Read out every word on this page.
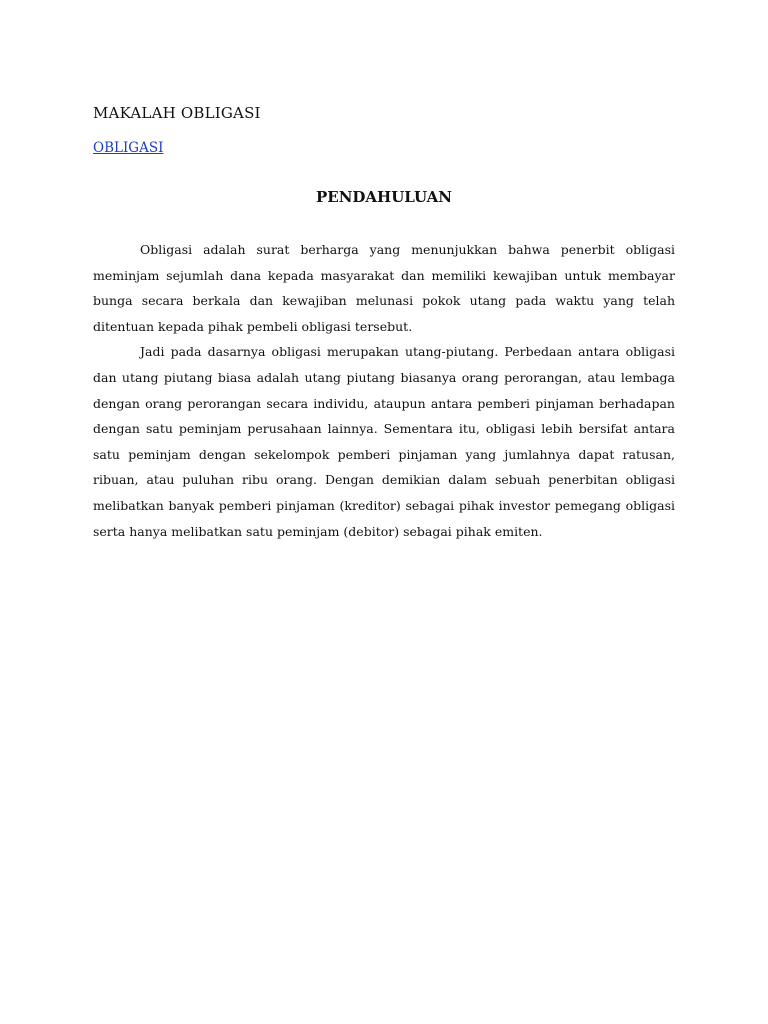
MAKALAH OBLIGASI
OBLIGASI
PENDAHULUAN

Obligasi adalah surat berharga yang menunjukkan bahwa penerbit obligasi meminjam sejumlah dana kepada masyarakat dan memiliki kewajiban untuk membayar bunga secara berkala dan kewajiban melunasi pokok utang pada waktu yang telah ditentuan kepada pihak pembeli obligasi tersebut.

Jadi pada dasarnya obligasi merupakan utang-piutang. Perbedaan antara obligasi dan utang piutang biasa adalah utang piutang biasanya orang perorangan, atau lembaga dengan orang perorangan secara individu, ataupun antara pemberi pinjaman berhadapan dengan satu peminjam perusahaan lainnya. Sementara itu, obligasi lebih bersifat antara satu peminjam dengan sekelompok pemberi pinjaman yang jumlahnya dapat ratusan, ribuan, atau puluhan ribu orang. Dengan demikian dalam sebuah penerbitan obligasi melibatkan banyak pemberi pinjaman (kreditor) sebagai pihak investor pemegang obligasi serta hanya melibatkan satu peminjam (debitor) sebagai pihak emiten.
